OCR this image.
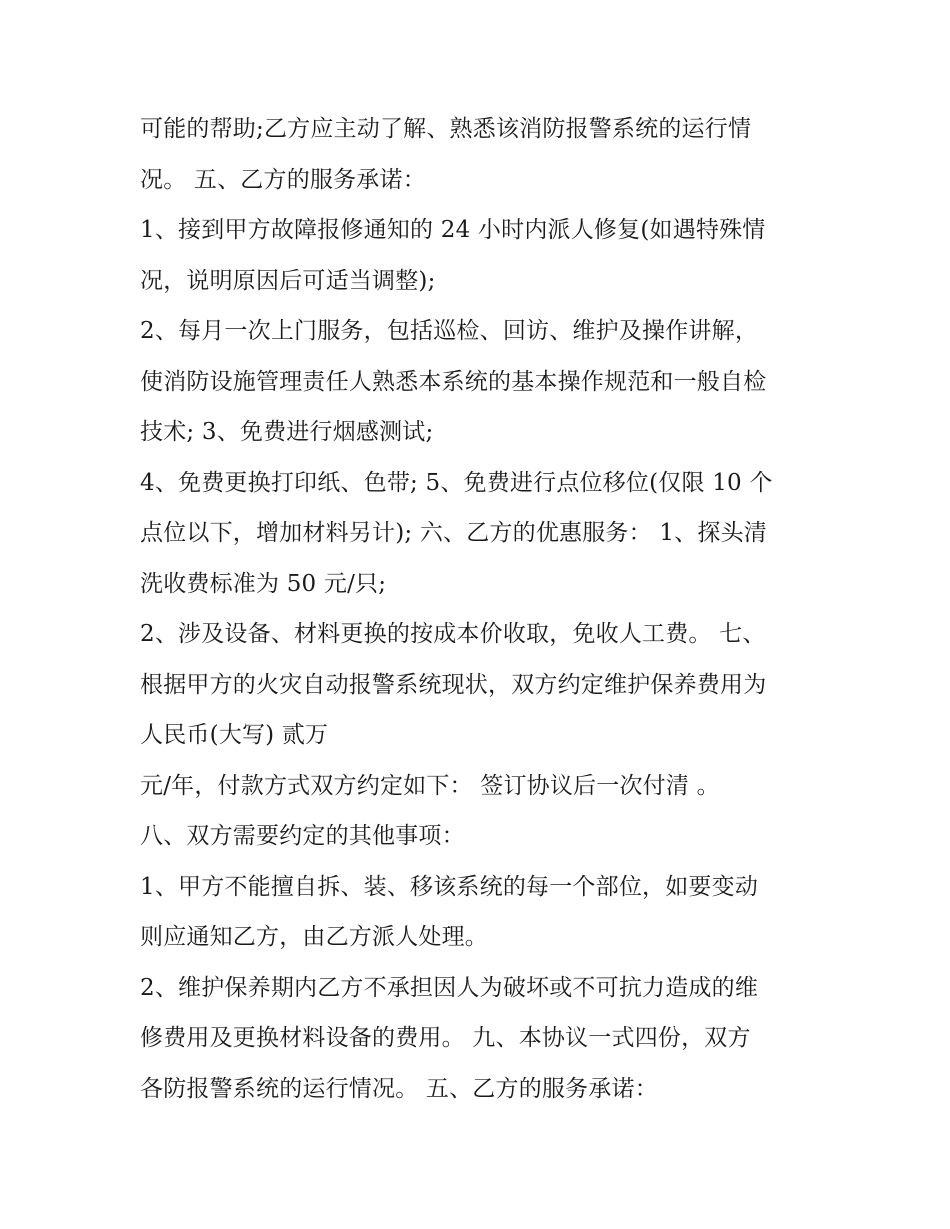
可能的帮助;乙方应主动了解、熟悉该消防报警系统的运行情
况。 五、乙方的服务承诺：
1、接到甲方故障报修通知的 24 小时内派人修复(如遇特殊情
况，说明原因后可适当调整);
2、每月一次上门服务，包括巡检、回访、维护及操作讲解，
使消防设施管理责任人熟悉本系统的基本操作规范和一般自检
技术; 3、免费进行烟感测试;
4、免费更换打印纸、色带; 5、免费进行点位移位(仅限 10 个
点位以下，增加材料另计); 六、乙方的优惠服务： 1、探头清
洗收费标准为 50 元/只;
2、涉及设备、材料更换的按成本价收取，免收人工费。 七、
根据甲方的火灾自动报警系统现状，双方约定维护保养费用为
人民币(大写) 贰万
元/年，付款方式双方约定如下： 签订协议后一次付清 。
八、双方需要约定的其他事项：
1、甲方不能擅自拆、装、移该系统的每一个部位，如要变动
则应通知乙方，由乙方派人处理。
2、维护保养期内乙方不承担因人为破坏或不可抗力造成的维
修费用及更换材料设备的费用。 九、本协议一式四份，双方
各防报警系统的运行情况。 五、乙方的服务承诺：
